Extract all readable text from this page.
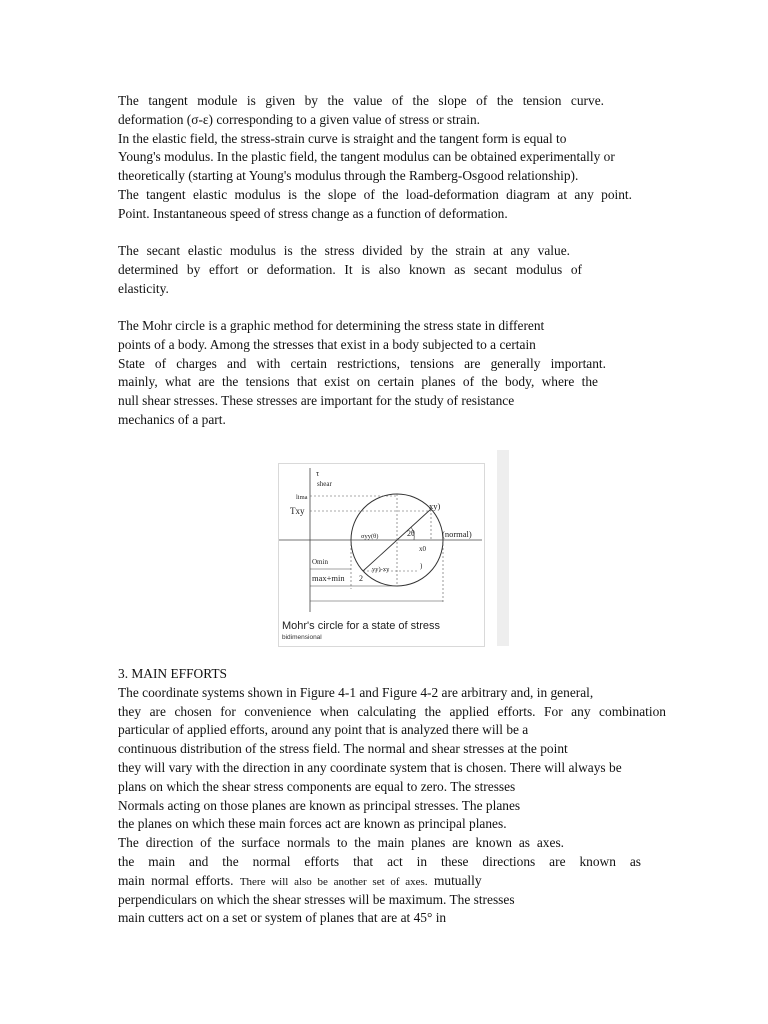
The tangent module is given by the value of the slope of the tension curve.
deformation (σ-ε) corresponding to a given value of stress or strain.
In the elastic field, the stress-strain curve is straight and the tangent form is equal to
Young's modulus. In the plastic field, the tangent modulus can be obtained experimentally or
theoretically (starting at Young's modulus through the Ramberg-Osgood relationship).
The tangent elastic modulus is the slope of the load-deformation diagram at any point.
Point. Instantaneous speed of stress change as a function of deformation.
The secant elastic modulus is the stress divided by the strain at any value.
determined by effort or deformation. It is also known as secant modulus of
elasticity.
The Mohr circle is a graphic method for determining the stress state in different
points of a body. Among the stresses that exist in a body subjected to a certain
State of charges and with certain restrictions, tensions are generally important.
mainly, what are the tensions that exist on certain planes of the body, where the
null shear stresses. These stresses are important for the study of resistance
mechanics of a part.
τ
shear
lima
Txy	xy)
2θ
σyy(θ)	(normal)
x0
Omin
yy)-xy	)
max+min 2
Mohr's circle for a state of stress
bidimensional
3. MAIN EFFORTS
The coordinate systems shown in Figure 4-1 and Figure 4-2 are arbitrary and, in general,
they are chosen for convenience when calculating the applied efforts. For any combination
particular of applied efforts, around any point that is analyzed there will be a
continuous distribution of the stress field. The normal and shear stresses at the point
they will vary with the direction in any coordinate system that is chosen. There will always be
plans on which the shear stress components are equal to zero. The stresses
Normals acting on those planes are known as principal stresses. The planes
the planes on which these main forces act are known as principal planes.
The direction of the surface normals to the main planes are known as axes.
the main and the normal efforts that act in these directions are known as
main normal efforts. There will also be another set of axes. mutually
perpendiculars on which the shear stresses will be maximum. The stresses
main cutters act on a set or system of planes that are at 45° in
